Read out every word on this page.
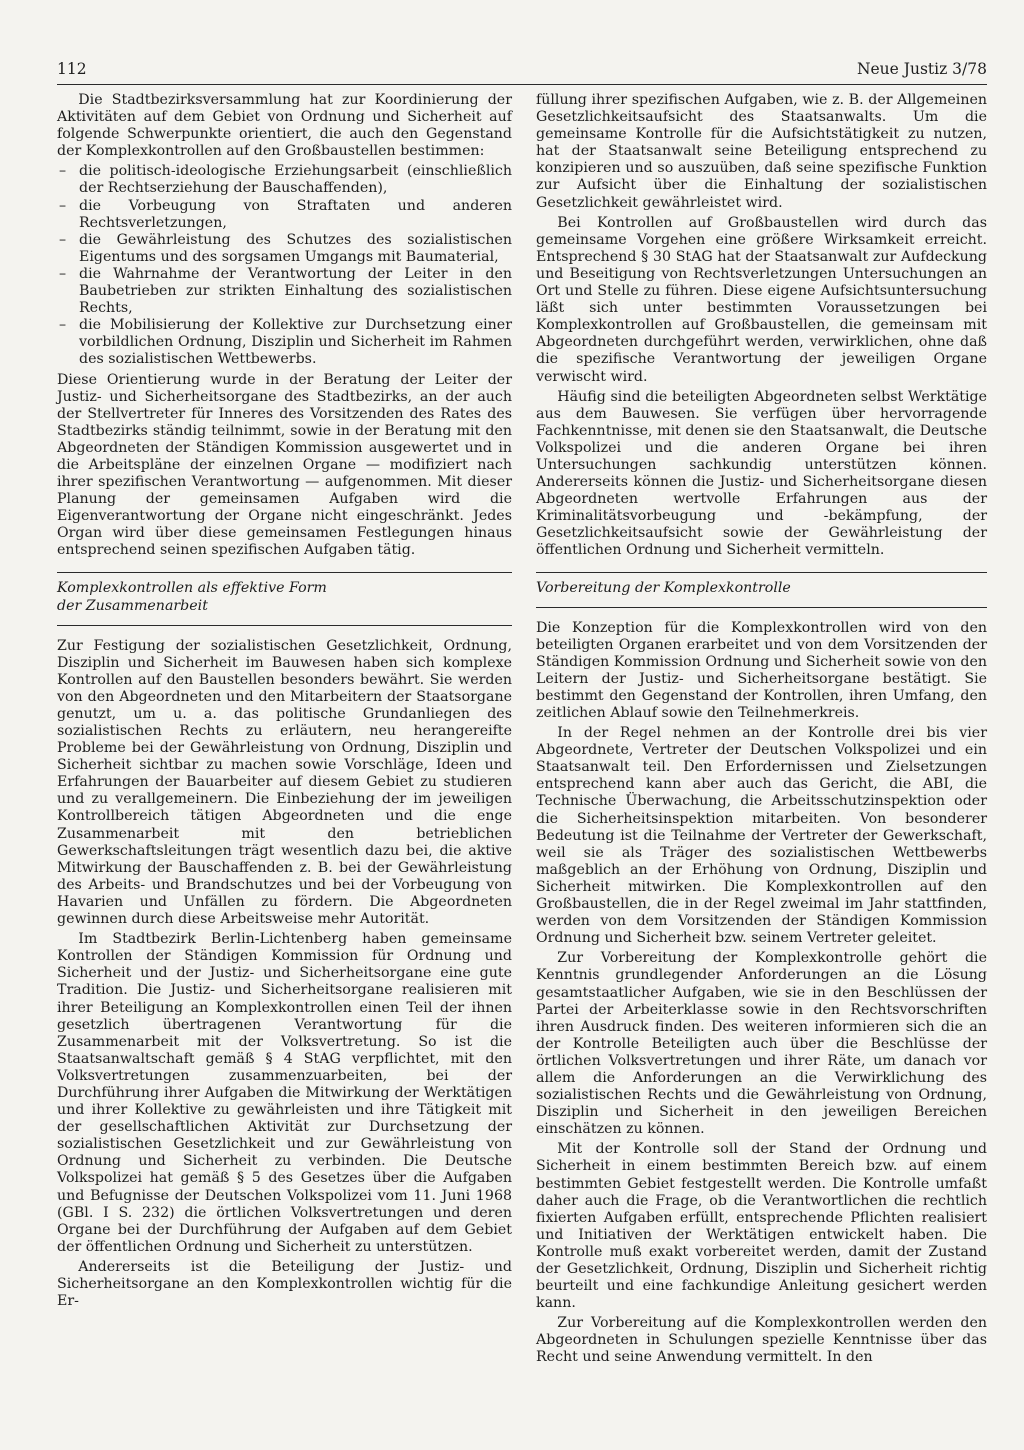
112	Neue Justiz 3/78

Die Stadtbezirksversammlung hat zur Koordinierung der Aktivitäten auf dem Gebiet von Ordnung und Sicherheit auf folgende Schwerpunkte orientiert, die auch den Gegenstand der Komplexkontrollen auf den Großbaustellen bestimmen:

– die politisch-ideologische Erziehungsarbeit (einschließlich der Rechtserziehung der Bauschaffenden),
– die Vorbeugung von Straftaten und anderen Rechtsverletzungen,
– die Gewährleistung des Schutzes des sozialistischen Eigentums und des sorgsamen Umgangs mit Baumaterial,
– die Wahrnahme der Verantwortung der Leiter in den Baubetrieben zur strikten Einhaltung des sozialistischen Rechts,
– die Mobilisierung der Kollektive zur Durchsetzung einer vorbildlichen Ordnung, Disziplin und Sicherheit im Rahmen des sozialistischen Wettbewerbs.

Diese Orientierung wurde in der Beratung der Leiter der Justiz- und Sicherheitsorgane des Stadtbezirks, an der auch der Stellvertreter für Inneres des Vorsitzenden des Rates des Stadtbezirks ständig teilnimmt, sowie in der Beratung mit den Abgeordneten der Ständigen Kommission ausgewertet und in die Arbeitspläne der einzelnen Organe — modifiziert nach ihrer spezifischen Verantwortung — aufgenommen. Mit dieser Planung der gemeinsamen Aufgaben wird die Eigenverantwortung der Organe nicht eingeschränkt. Jedes Organ wird über diese gemeinsamen Festlegungen hinaus entsprechend seinen spezifischen Aufgaben tätig.

Komplexkontrollen als effektive Form
der Zusammenarbeit

Zur Festigung der sozialistischen Gesetzlichkeit, Ordnung, Disziplin und Sicherheit im Bauwesen haben sich komplexe Kontrollen auf den Baustellen besonders bewährt. Sie werden von den Abgeordneten und den Mitarbeitern der Staatsorgane genutzt, um u. a. das politische Grundanliegen des sozialistischen Rechts zu erläutern, neu herangereifte Probleme bei der Gewährleistung von Ordnung, Disziplin und Sicherheit sichtbar zu machen sowie Vorschläge, Ideen und Erfahrungen der Bauarbeiter auf diesem Gebiet zu studieren und zu verallgemeinern. Die Einbeziehung der im jeweiligen Kontrollbereich tätigen Abgeordneten und die enge Zusammenarbeit mit den betrieblichen Gewerkschaftsleitungen trägt wesentlich dazu bei, die aktive Mitwirkung der Bauschaffenden z. B. bei der Gewährleistung des Arbeits- und Brandschutzes und bei der Vorbeugung von Havarien und Unfällen zu fördern. Die Abgeordneten gewinnen durch diese Arbeitsweise mehr Autorität.

Im Stadtbezirk Berlin-Lichtenberg haben gemeinsame Kontrollen der Ständigen Kommission für Ordnung und Sicherheit und der Justiz- und Sicherheitsorgane eine gute Tradition. Die Justiz- und Sicherheitsorgane realisieren mit ihrer Beteiligung an Komplexkontrollen einen Teil der ihnen gesetzlich übertragenen Verantwortung für die Zusammenarbeit mit der Volksvertretung. So ist die Staatsanwaltschaft gemäß § 4 StAG verpflichtet, mit den Volksvertretungen zusammenzuarbeiten, bei der Durchführung ihrer Aufgaben die Mitwirkung der Werktätigen und ihrer Kollektive zu gewährleisten und ihre Tätigkeit mit der gesellschaftlichen Aktivität zur Durchsetzung der sozialistischen Gesetzlichkeit und zur Gewährleistung von Ordnung und Sicherheit zu verbinden. Die Deutsche Volkspolizei hat gemäß § 5 des Gesetzes über die Aufgaben und Befugnisse der Deutschen Volkspolizei vom 11. Juni 1968 (GBl. I S. 232) die örtlichen Volksvertretungen und deren Organe bei der Durchführung der Aufgaben auf dem Gebiet der öffentlichen Ordnung und Sicherheit zu unterstützen.

Andererseits ist die Beteiligung der Justiz- und Sicherheitsorgane an den Komplexkontrollen wichtig für die Er-

füllung ihrer spezifischen Aufgaben, wie z. B. der Allgemeinen Gesetzlichkeitsaufsicht des Staatsanwalts. Um die gemeinsame Kontrolle für die Aufsichtstätigkeit zu nutzen, hat der Staatsanwalt seine Beteiligung entsprechend zu konzipieren und so auszuüben, daß seine spezifische Funktion zur Aufsicht über die Einhaltung der sozialistischen Gesetzlichkeit gewährleistet wird.

Bei Kontrollen auf Großbaustellen wird durch das gemeinsame Vorgehen eine größere Wirksamkeit erreicht. Entsprechend § 30 StAG hat der Staatsanwalt zur Aufdeckung und Beseitigung von Rechtsverletzungen Untersuchungen an Ort und Stelle zu führen. Diese eigene Aufsichtsuntersuchung läßt sich unter bestimmten Voraussetzungen bei Komplexkontrollen auf Großbaustellen, die gemeinsam mit Abgeordneten durchgeführt werden, verwirklichen, ohne daß die spezifische Verantwortung der jeweiligen Organe verwischt wird.

Häufig sind die beteiligten Abgeordneten selbst Werktätige aus dem Bauwesen. Sie verfügen über hervorragende Fachkenntnisse, mit denen sie den Staatsanwalt, die Deutsche Volkspolizei und die anderen Organe bei ihren Untersuchungen sachkundig unterstützen können. Andererseits können die Justiz- und Sicherheitsorgane diesen Abgeordneten wertvolle Erfahrungen aus der Kriminalitätsvorbeugung und -bekämpfung, der Gesetzlichkeitsaufsicht sowie der Gewährleistung der öffentlichen Ordnung und Sicherheit vermitteln.

Vorbereitung der Komplexkontrolle

Die Konzeption für die Komplexkontrollen wird von den beteiligten Organen erarbeitet und von dem Vorsitzenden der Ständigen Kommission Ordnung und Sicherheit sowie von den Leitern der Justiz- und Sicherheitsorgane bestätigt. Sie bestimmt den Gegenstand der Kontrollen, ihren Umfang, den zeitlichen Ablauf sowie den Teilnehmerkreis.

In der Regel nehmen an der Kontrolle drei bis vier Abgeordnete, Vertreter der Deutschen Volkspolizei und ein Staatsanwalt teil. Den Erfordernissen und Zielsetzungen entsprechend kann aber auch das Gericht, die ABI, die Technische Überwachung, die Arbeitsschutzinspektion oder die Sicherheitsinspektion mitarbeiten. Von besonderer Bedeutung ist die Teilnahme der Vertreter der Gewerkschaft, weil sie als Träger des sozialistischen Wettbewerbs maßgeblich an der Erhöhung von Ordnung, Disziplin und Sicherheit mitwirken. Die Komplexkontrollen auf den Großbaustellen, die in der Regel zweimal im Jahr stattfinden, werden von dem Vorsitzenden der Ständigen Kommission Ordnung und Sicherheit bzw. seinem Vertreter geleitet.

Zur Vorbereitung der Komplexkontrolle gehört die Kenntnis grundlegender Anforderungen an die Lösung gesamtstaatlicher Aufgaben, wie sie in den Beschlüssen der Partei der Arbeiterklasse sowie in den Rechtsvorschriften ihren Ausdruck finden. Des weiteren informieren sich die an der Kontrolle Beteiligten auch über die Beschlüsse der örtlichen Volksvertretungen und ihrer Räte, um danach vor allem die Anforderungen an die Verwirklichung des sozialistischen Rechts und die Gewährleistung von Ordnung, Disziplin und Sicherheit in den jeweiligen Bereichen einschätzen zu können.

Mit der Kontrolle soll der Stand der Ordnung und Sicherheit in einem bestimmten Bereich bzw. auf einem bestimmten Gebiet festgestellt werden. Die Kontrolle umfaßt daher auch die Frage, ob die Verantwortlichen die rechtlich fixierten Aufgaben erfüllt, entsprechende Pflichten realisiert und Initiativen der Werktätigen entwickelt haben. Die Kontrolle muß exakt vorbereitet werden, damit der Zustand der Gesetzlichkeit, Ordnung, Disziplin und Sicherheit richtig beurteilt und eine fachkundige Anleitung gesichert werden kann.

Zur Vorbereitung auf die Komplexkontrollen werden den Abgeordneten in Schulungen spezielle Kenntnisse über das Recht und seine Anwendung vermittelt. In den
